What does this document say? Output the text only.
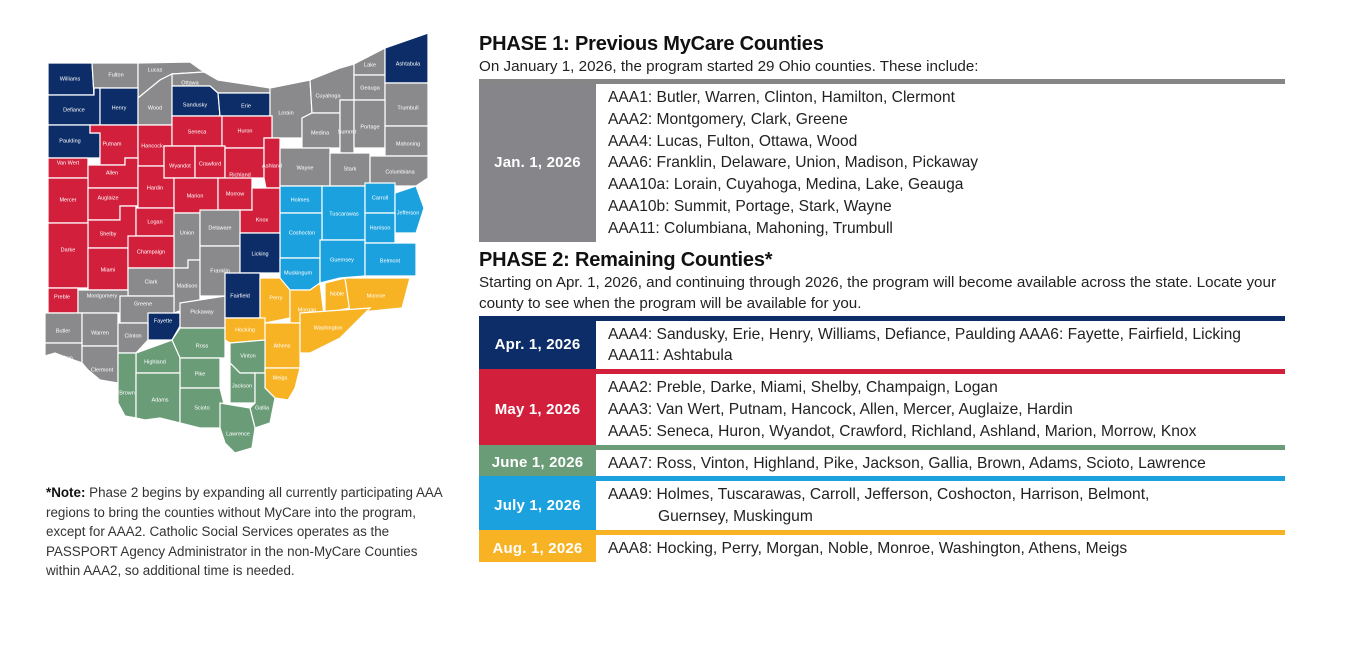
Williams
Fulton
Lucas
Ottawa
Defiance	Henry	Wood	Sandusky	Erie
Lorain
Cuyahoga
Lake
Geauga
Ashtabula
Trumbull
Paulding	Putnam	Hancock
Seneca	Huron	Medina Summit
Portage
Mahoning
Van Wert
Allen
Wyandot Crawford
Richland
Ashland	Wayne	Stark	Columbiana
Mercer	Auglaize
Hardin
Marion	Morrow
Knox
Holmes
Tuscarawas
Carroll
Jefferson
Shelby
Logan
Union
Delaware
Coshocton
Harrison
Darke
Miami
Champaign
Clark
Madison
Franklin
Licking
Muskingum
Guernsey	Belmont
Preble	Montgomery
Greene
Fayette
Pickaway
Fairfield	Perry
Morgan
Noble	Monroe
Butler	Warren	Clinton
Ross
Hocking
Athens
Washington
Hamilton
Clermont
Highland
Pike
Vinton
Meigs
Brown
Adams
Scioto
Jackson
Gallia
Lawrence
*Note: Phase 2 begins by expanding all currently participating AAA regions to bring the counties without MyCare into the program, except for AAA2. Catholic Social Services operates as the PASSPORT Agency Administrator in the non-MyCare Counties within AAA2, so additional time is needed.
PHASE 1: Previous MyCare Counties

On January 1, 2026, the program started 29 Ohio counties. These include:

Jan. 1, 2026
AAA1: Butler, Warren, Clinton, Hamilton, Clermont
AAA2: Montgomery, Clark, Greene
AAA4: Lucas, Fulton, Ottawa, Wood
AAA6: Franklin, Delaware, Union, Madison, Pickaway
AAA10a: Lorain, Cuyahoga, Medina, Lake, Geauga
AAA10b: Summit, Portage, Stark, Wayne
AAA11: Columbiana, Mahoning, Trumbull
PHASE 2: Remaining Counties*

Starting on Apr. 1, 2026, and continuing through 2026, the program will become available across the state. Locate your county to see when the program will be available for you.

Apr. 1, 2026
AAA4: Sandusky, Erie, Henry, Williams, Defiance, Paulding AAA6: Fayette, Fairfield, Licking
AAA11: Ashtabula
May 1, 2026
AAA2: Preble, Darke, Miami, Shelby, Champaign, Logan
AAA3: Van Wert, Putnam, Hancock, Allen, Mercer, Auglaize, Hardin
AAA5: Seneca, Huron, Wyandot, Crawford, Richland, Ashland, Marion, Morrow, Knox
June 1, 2026	AAA7: Ross, Vinton, Highland, Pike, Jackson, Gallia, Brown, Adams, Scioto, Lawrence
July 1, 2026
AAA9: Holmes, Tuscarawas, Carroll, Jefferson, Coshocton, Harrison, Belmont,
Guernsey, Muskingum
Aug. 1, 2026	AAA8: Hocking, Perry, Morgan, Noble, Monroe, Washington, Athens, Meigs
